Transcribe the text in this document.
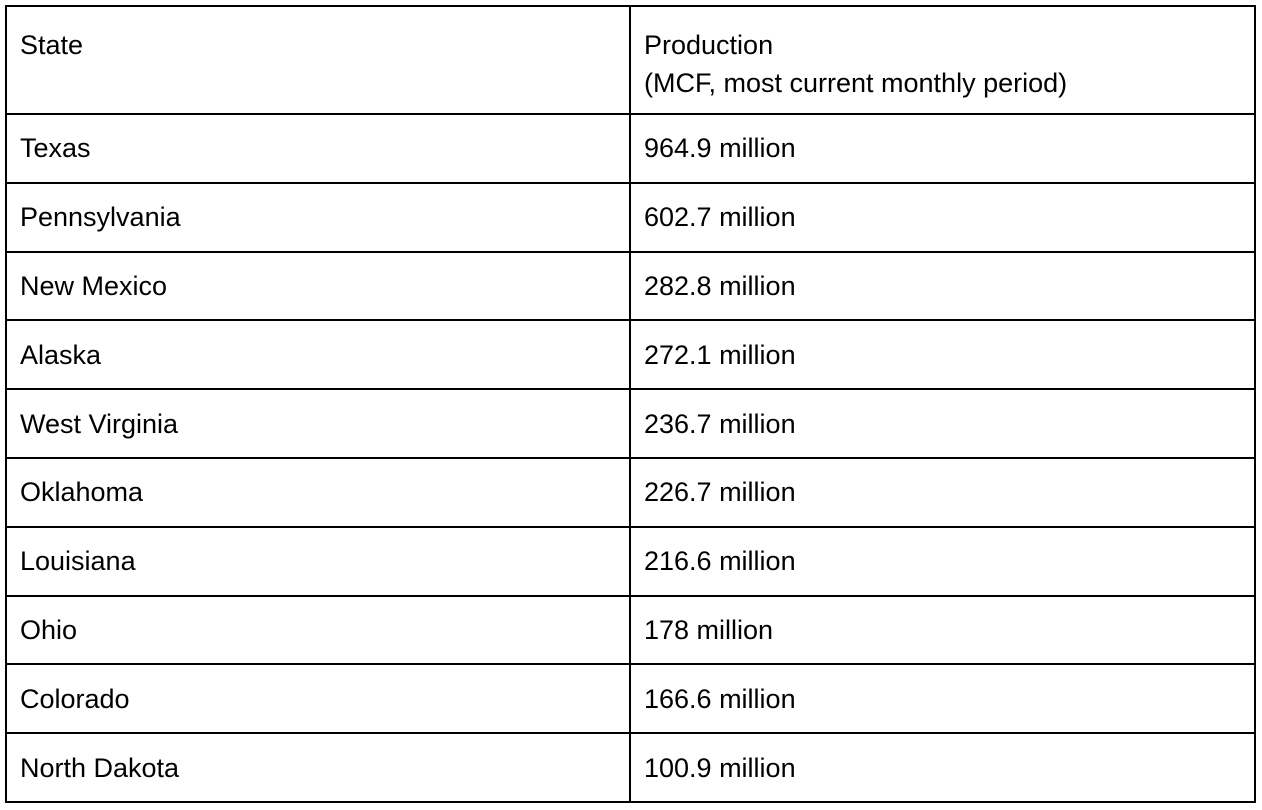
State	Production
(MCF, most current monthly period)

Texas	964.9 million
Pennsylvania	602.7 million
New Mexico	282.8 million
Alaska	272.1 million
West Virginia	236.7 million
Oklahoma	226.7 million
Louisiana	216.6 million
Ohio	178 million
Colorado	166.6 million
North Dakota	100.9 million
